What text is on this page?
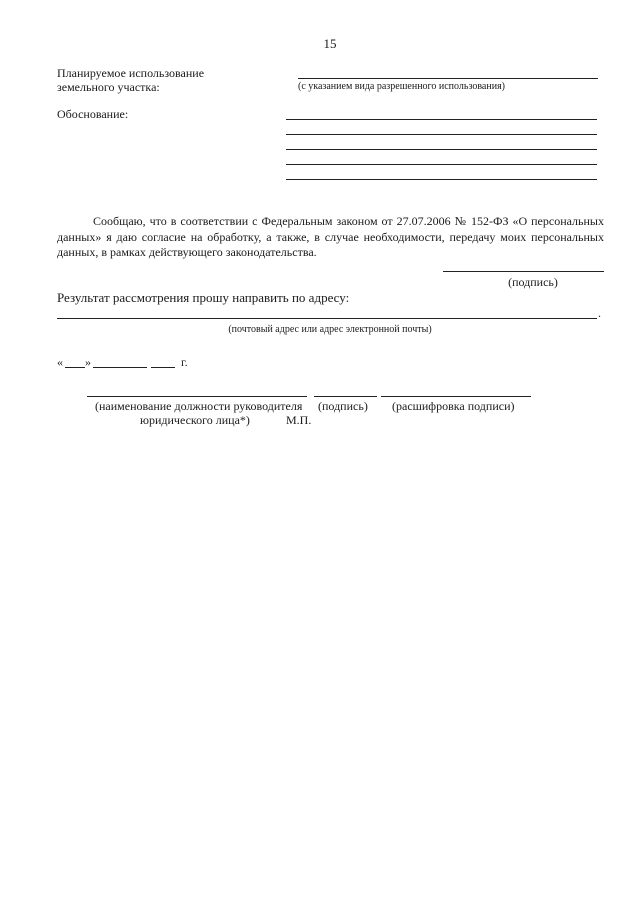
15
Планируемое использование
земельного участка:	(с указанием вида разрешенного использования)
Обоснование:
Сообщаю, что в соответствии с Федеральным законом от 27.07.2006 № 152-ФЗ «О персональных данных» я даю согласие на обработку, а также, в случае необходимости, передачу моих персональных данных, в рамках действующего законодательства.
(подпись)
Результат рассмотрения прошу направить по адресу:
.
(почтовый адрес или адрес электронной почты)
« »	г.
(наименование должности руководителя	(подпись)	(расшифровка подписи)
юридического лица*)	М.П.
